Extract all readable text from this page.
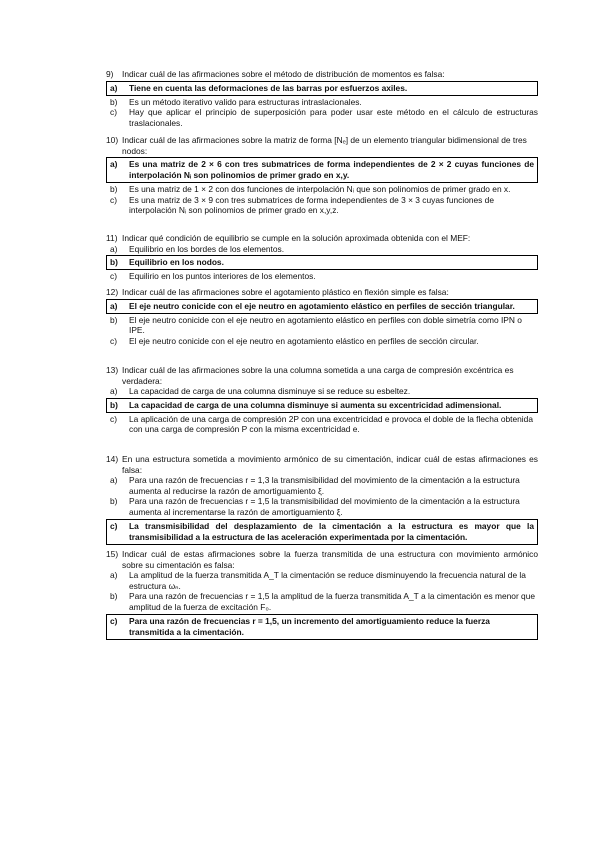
9)	Indicar cuál de las afirmaciones sobre el método de distribución de momentos es falsa:
a)	Tiene en cuenta las deformaciones de las barras por esfuerzos axiles.
b)	Es un método iterativo valido para estructuras intraslacionales.
c)	Hay que aplicar el principio de superposición para poder usar este método en el cálculo de estructuras traslacionales.
10) Indicar cuál de las afirmaciones sobre la matriz de forma [Nₑ] de un elemento triangular bidimensional de tres nodos:
a)	Es una matriz de 2 × 6 con tres submatrices de forma independientes de 2 × 2 cuyas funciones de interpolación Nᵢ son polinomios de primer grado en x,y.
b)	Es una matriz de 1 × 2 con dos funciones de interpolación Nᵢ que son polinomios de primer grado en x.
c)	Es una matriz de 3 × 9 con tres submatrices de forma independientes de 3 × 3 cuyas funciones de interpolación Nᵢ son polinomios de primer grado en x,y,z.
11) Indicar qué condición de equilibrio se cumple en la solución aproximada obtenida con el MEF:
a)	Equilibrio en los bordes de los elementos.
b)	Equilibrio en los nodos.
c)	Equilirio en los puntos interiores de los elementos.
12) Indicar cuál de las afirmaciones sobre el agotamiento plástico en flexión simple es falsa:
a)	El eje neutro conicide con el eje neutro en agotamiento elástico en perfiles de sección triangular.
b)	El eje neutro conicide con el eje neutro en agotamiento elástico en perfiles con doble simetría como IPN o IPE.
c)	El eje neutro conicide con el eje neutro en agotamiento elástico en perfiles de sección circular.
13) Indicar cuál de las afirmaciones sobre la una columna sometida a una carga de compresión excéntrica es verdadera:
a)	La capacidad de carga de una columna disminuye si se reduce su esbeltez.
b)	La capacidad de carga de una columna disminuye si aumenta su excentricidad adimensional.
c)	La aplicación de una carga de compresión 2P con una excentricidad e provoca el doble de la flecha obtenida con una carga de compresión P con la misma excentricidad e.
14) En una estructura sometida a movimiento armónico de su cimentación, indicar cuál de estas afirmaciones es falsa:
a)	Para una razón de frecuencias r = 1,3 la transmisibilidad del movimiento de la cimentación a la estructura aumenta al reducirse la razón de amortiguamiento ξ.
b)	Para una razón de frecuencias r = 1,5 la transmisibilidad del movimiento de la cimentación a la estructura aumenta al incrementarse la razón de amortiguamiento ξ.
c)	La transmisibilidad del desplazamiento de la cimentación a la estructura es mayor que la transmisibilidad a la estructura de las aceleración experimentada por la cimentación.
15) Indicar cuál de estas afirmaciones sobre la fuerza transmitida de una estructura con movimiento armónico sobre su cimentación es falsa:
a)	La amplitud de la fuerza transmitida A_T la cimentación se reduce disminuyendo la frecuencia natural de la estructura ωₙ.
b)	Para una razón de frecuencias r = 1,5 la amplitud de la fuerza transmitida A_T a la cimentación es menor que amplitud de la fuerza de excitación F₀.
c)	Para una razón de frecuencias r = 1,5, un incremento del amortiguamiento reduce la fuerza transmitida a la cimentación.
